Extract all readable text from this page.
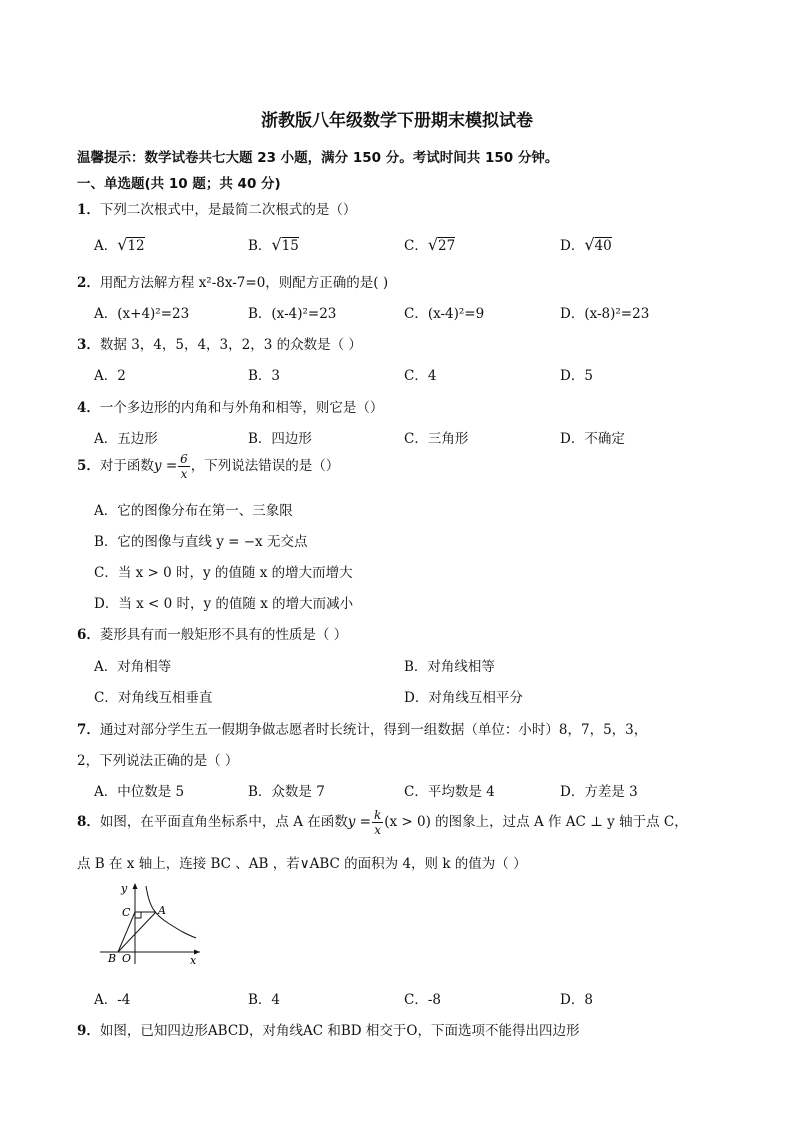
浙教版八年级数学下册期末模拟试卷
温馨提示：数学试卷共七大题 23 小题，满分 150 分。考试时间共 150 分钟。
一、单选题(共 10 题；共 40 分)
1．下列二次根式中，是最简二次根式的是（）
A．√12	B．√15	C．√27	D．√40
2．用配方法解方程 x²-8x-7=0，则配方正确的是( )
A．(x+4)²=23	B．(x-4)²=23	C．(x-4)²=9	D．(x-8)²=23
3．数据 3，4，5，4，3，2，3 的众数是（ ）
A．2	B．3	C．4	D．5
4．一个多边形的内角和与外角和相等，则它是（）
A．五边形	B．四边形	C．三角形	D．不确定
5．对于函数$y = \frac{6}{x}$ ，下列说法错误的是（）
A．它的图像分布在第一、三象限
B．它的图像与直线 y = −x 无交点
C．当 x > 0 时，y 的值随 x 的增大而增大
D．当 x < 0 时，y 的值随 x 的增大而减小
6．菱形具有而一般矩形不具有的性质是（ ）
A．对角相等	B．对角线相等
C．对角线互相垂直	D．对角线互相平分
7．通过对部分学生五一假期争做志愿者时长统计，得到一组数据（单位：小时）8，7，5，3，
2，下列说法正确的是（ ）
A．中位数是 5	B．众数是 7	C．平均数是 4	D．方差是 3
8．如图，在平面直角坐标系中，点 A 在函数$y = \frac{k}{x} (x > 0)$ 的图象上，过点 A 作 AC ⊥ y 轴于点 C，
点 B 在 x 轴上，连接 BC 、AB ，若∨ABC 的面积为 4，则 k 的值为（ ）
y
x
C	A
B O
A．-4	B．4	C．-8	D．8
9．如图，已知四边形ABCD，对角线AC 和BD 相交于O，下面选项不能得出四边形
